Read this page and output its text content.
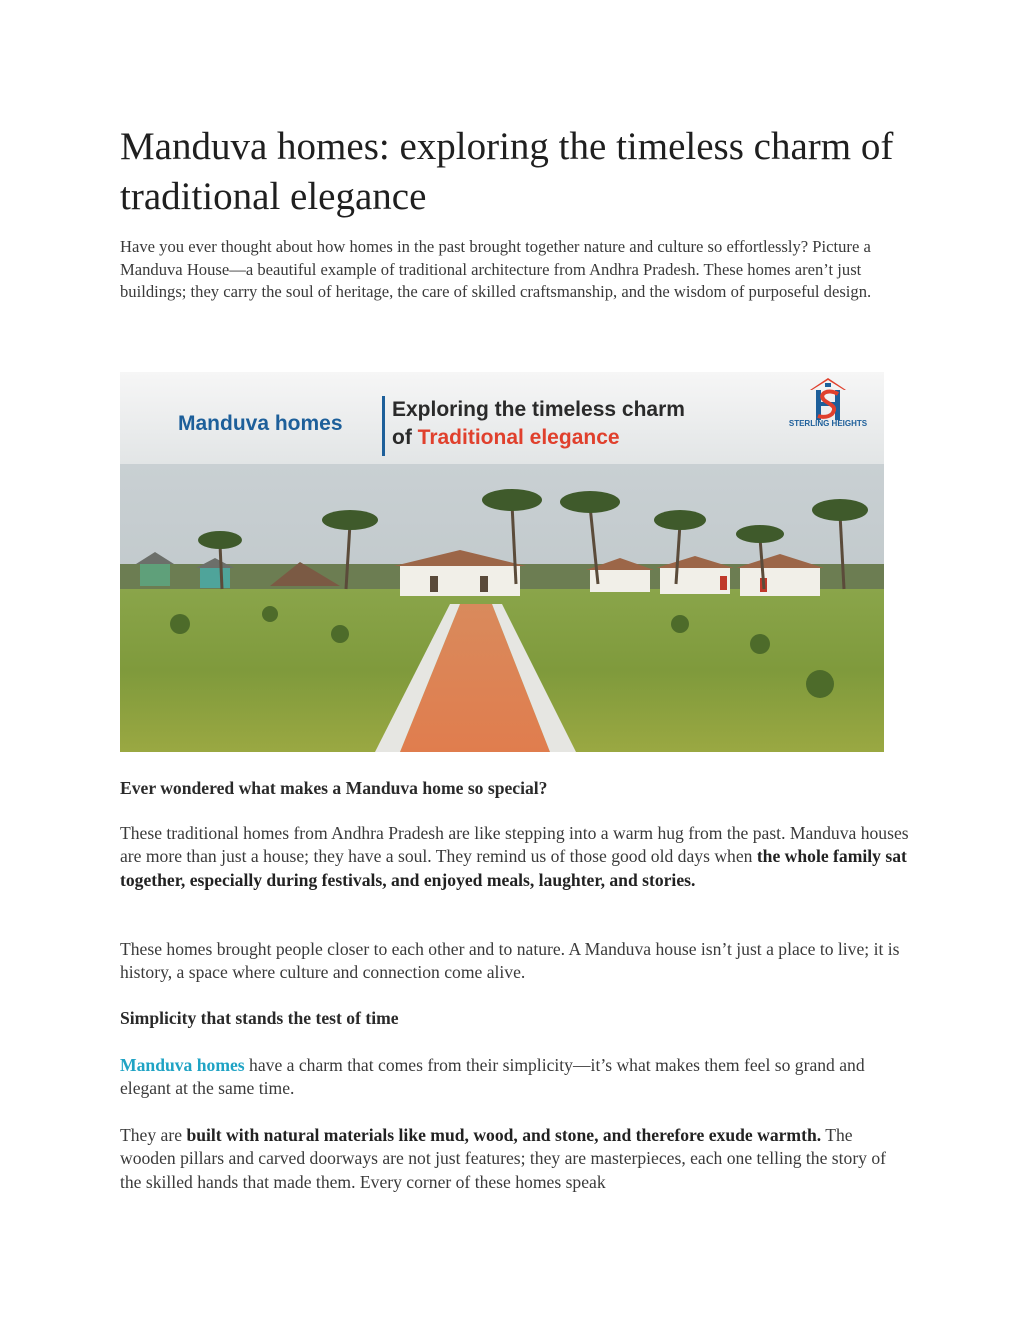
Manduva homes: exploring the timeless charm of traditional elegance

Have you ever thought about how homes in the past brought together nature and culture so effortlessly? Picture a Manduva House—a beautiful example of traditional architecture from Andhra Pradesh. These homes aren’t just buildings; they carry the soul of heritage, the care of skilled craftsmanship, and the wisdom of purposeful design.

Manduva homes
Exploring the timeless charm
of Traditional elegance
STERLING HEIGHTS

Ever wondered what makes a Manduva home so special?

These traditional homes from Andhra Pradesh are like stepping into a warm hug from the past. Manduva houses are more than just a house; they have a soul. They remind us of those good old days when the whole family sat together, especially during festivals, and enjoyed meals, laughter, and stories.

These homes brought people closer to each other and to nature. A Manduva house isn’t just a place to live; it is history, a space where culture and connection come alive.

Simplicity that stands the test of time

Manduva homes have a charm that comes from their simplicity—it’s what makes them feel so grand and elegant at the same time.

They are built with natural materials like mud, wood, and stone, and therefore exude warmth. The wooden pillars and carved doorways are not just features; they are masterpieces, each one telling the story of the skilled hands that made them. Every corner of these homes speak
